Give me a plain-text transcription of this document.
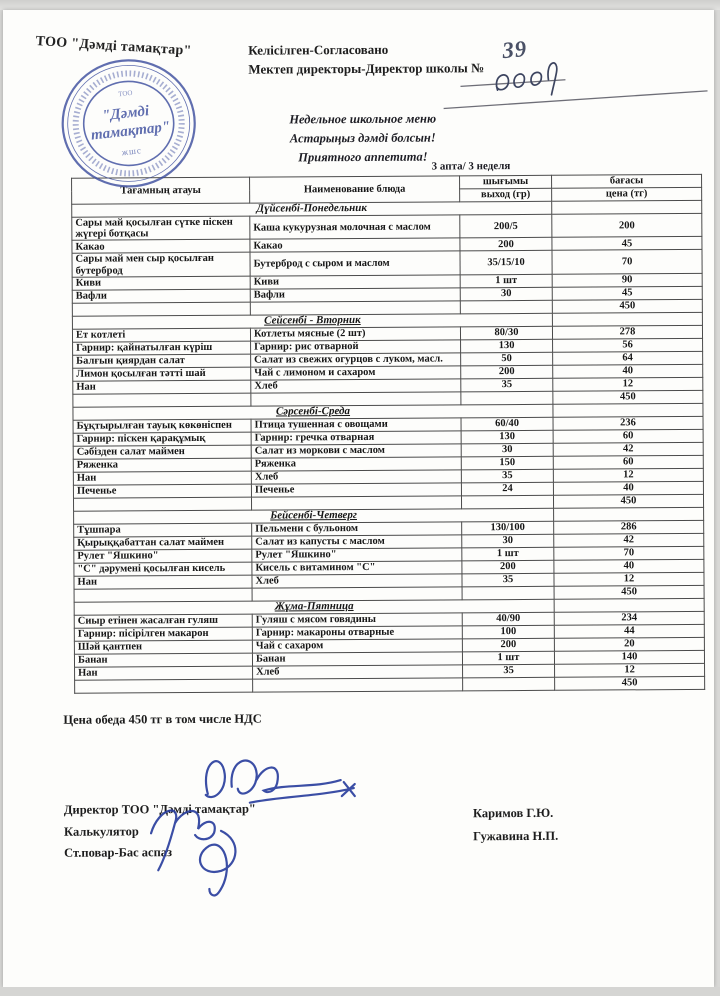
ТОО "Дәмді тамақтар"	Келісілген-Согласовано
Мектеп директоры-Директор школы №
39
Недельное школьное меню
Астарыңыз дәмді болсын!
Приятного аппетита!
3 апта/ 3 неделя
Тағамның атауы	Наименование блюда	шығымы	бағасы
		выход (гр)	цена (тг)
Дүйсенбі-Понедельник			
Сары май қосылған сүтке піскен жүгері ботқасы	Каша кукурузная молочная с маслом	200/5	200
Какао	Какао	200	45
Сары май мен сыр қосылған бутерброд	Бутерброд с сыром и маслом	35/15/10	70
Киви	Киви	1 шт	90
Вафли	Вафли	30	45
			450
Сейсенбі - Вторник			
Ет котлеті	Котлеты мясные (2 шт)	80/30	278
Гарнир: қайнатылған күріш	Гарнир: рис отварной	130	56
Балғын қиярдан салат	Салат из свежих огурцов с луком, масл.	50	64
Лимон қосылған тәтті шай	Чай с лимоном и сахаром	200	40
Нан	Хлеб	35	12
			450
Сәрсенбі-Среда			
Бұқтырылған тауық көкөніспен	Птица тушенная с овощами	60/40	236
Гарнир: піскен қарақұмық	Гарнир: гречка отварная	130	60
Сәбізден салат маймен	Салат из моркови с маслом	30	42
Ряженка	Ряженка	150	60
Нан	Хлеб	35	12
Печенье	Печенье	24	40
			450
Бейсенбі-Четверг			
Тұшпара	Пельмени с бульоном	130/100	286
Қырыққабаттан салат маймен	Салат из капусты с маслом	30	42
Рулет "Яшкино"	Рулет "Яшкино"	1 шт	70
"С" дәрумені қосылған кисель	Кисель с витамином "С"	200	40
Нан	Хлеб	35	12
			450
Жұма-Пятница			
Сиыр етінен жасалған гуляш	Гуляш с мясом говядины	40/90	234
Гарнир: пісірілген макарон	Гарнир: макароны отварные	100	44
Шәй қантпен	Чай с сахаром	200	20
Банан	Банан	1 шт	140
Нан	Хлеб	35	12
			450
Цена обеда 450 тг в том числе НДС
Директор ТОО "Дәмді тамақтар"
Калькулятор
Ст.повар-Бас аспаз
Каримов Г.Ю.
Гужавина Н.П.
ТОО
"Дәмді
тамақтар"
жшс
